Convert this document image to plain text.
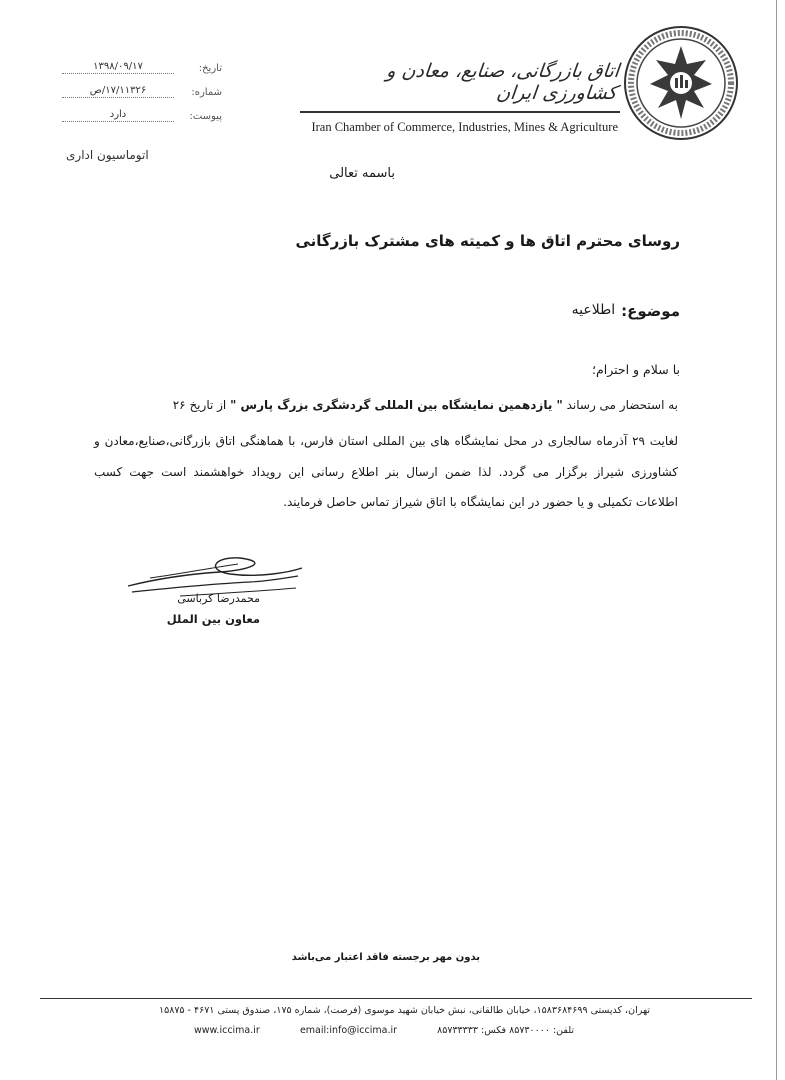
تاریخ:
۱۳۹۸/۰۹/۱۷
شماره:
۱۷/۱۱۳۲۶/ص
پیوست:
دارد
اتوماسیون اداری
اتاق بازرگانی، صنایع، معادن و کشاورزی ایران
Iran Chamber of Commerce, Industries, Mines & Agriculture
باسمه تعالی
روسای محترم اتاق ها و کمیته های مشترک بازرگانی
موضوع:
اطلاعیه
با سلام و احترام؛
به استحضار می رساند " یازدهمین نمایشگاه بین المللی گردشگری بزرگ پارس " از تاریخ ۲۶
لغایت ۲۹ آذرماه سالجاری در محل نمایشگاه های بین المللی استان فارس، با هماهنگی اتاق بازرگانی،صنایع،معادن و
کشاورزی شیراز برگزار می گردد. لذا ضمن ارسال بنر اطلاع رسانی این رویداد خواهشمند است جهت کسب
اطلاعات تکمیلی و یا حضور در این نمایشگاه با اتاق شیراز تماس حاصل فرمایند.
محمدرضا کرباسی
معاون بین الملل
بدون مهر برجسته فاقد اعتبار می‌باشد
تهران، کدپستی ۱۵۸۳۶۸۴۶۹۹، خیابان طالقانی، نبش خیابان شهید موسوی (فرصت)، شماره ۱۷۵، صندوق پستی ۴۶۷۱ - ۱۵۸۷۵
www.iccima.ir	email:info@iccima.ir	تلفن: ۸۵۷۳۰۰۰۰ فکس: ۸۵۷۳۳۳۳۳
